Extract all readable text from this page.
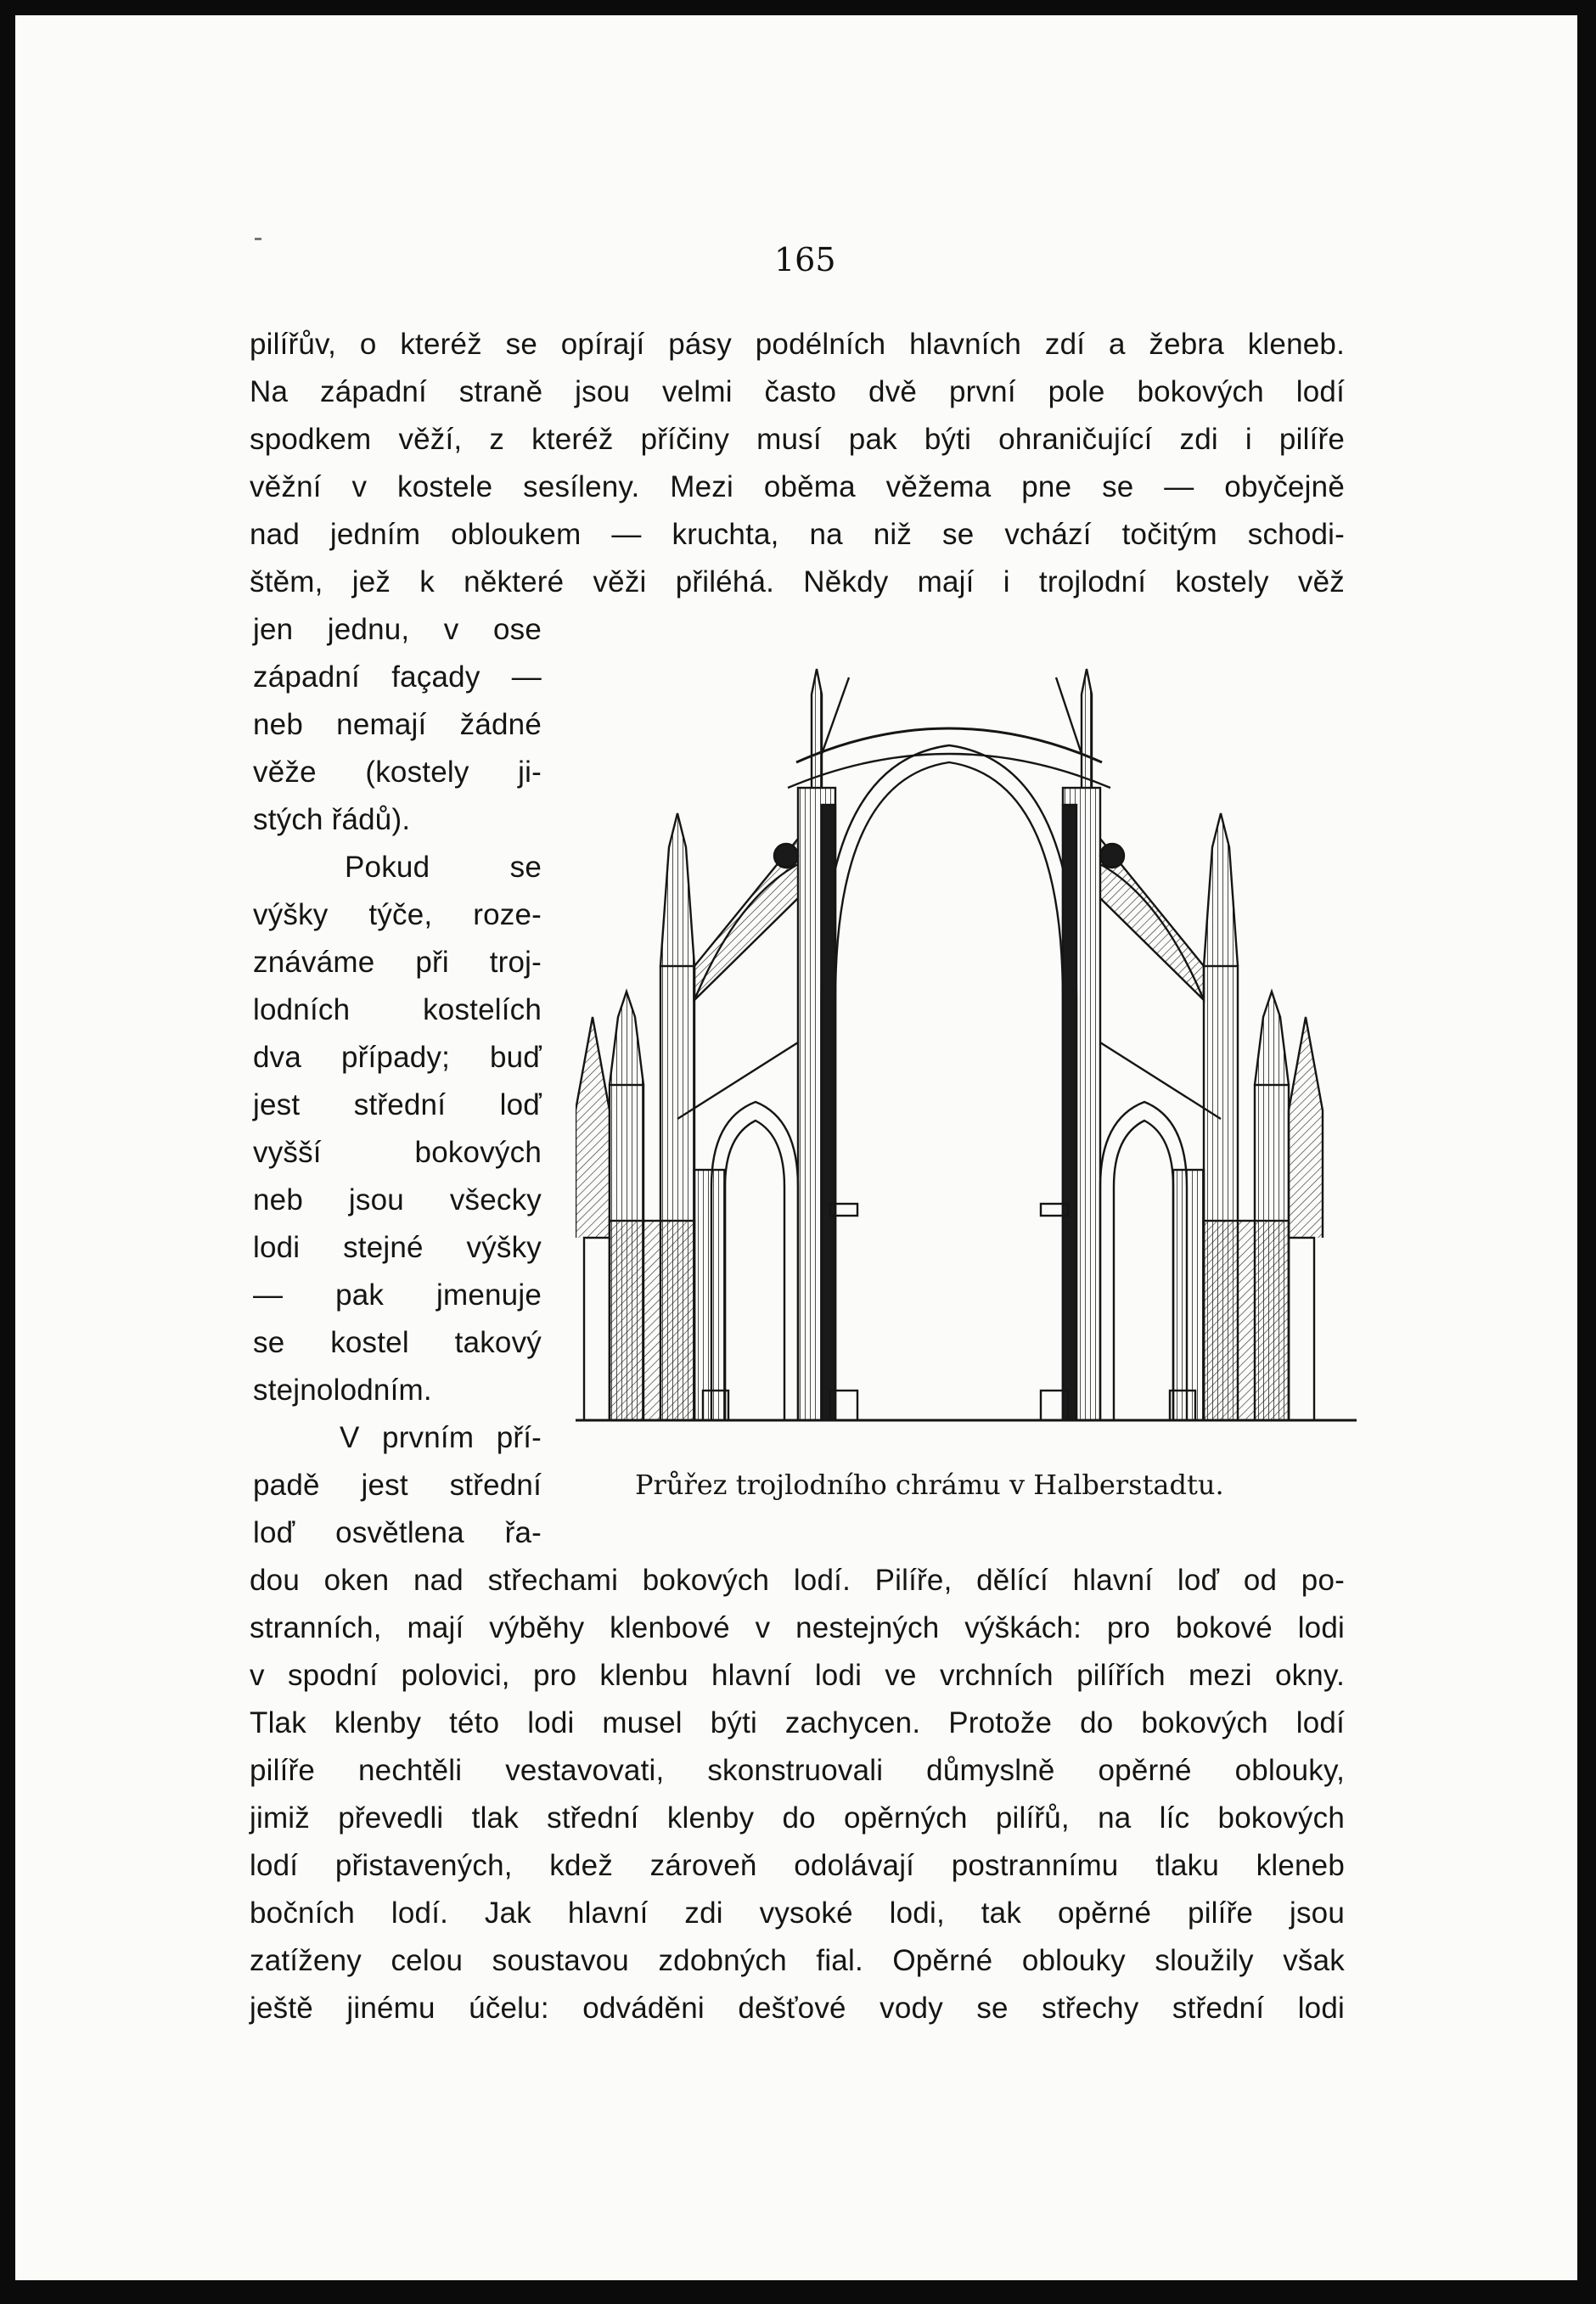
165
pilířův, o kteréž se opírají pásy podélních hlavních zdí a žebra kleneb.
Na západní straně jsou velmi často dvě první pole bokových lodí
spodkem věží, z kteréž příčiny musí pak býti ohraničující zdi i pilíře
věžní v kostele sesíleny. Mezi oběma věžema pne se — obyčejně
nad jedním obloukem — kruchta, na niž se vchází točitým schodi-
štěm, jež k některé věži přiléhá. Někdy mají i trojlodní kostely věž
jen jednu, v ose
západní façady —
neb nemají žádné
věže (kostely ji-
stých řádů).
Pokud se
výšky týče, roze-
znáváme při troj-
lodních kostelích
dva případy; buď
jest střední loď
vyšší bokových
neb jsou všecky
lodi stejné výšky
— pak jmenuje
se kostel takový
stejnolodním.
V prvním pří-
padě jest střední
loď osvětlena řa-
dou oken nad střechami bokových lodí. Pilíře, dělící hlavní loď od po-
stranních, mají výběhy klenbové v nestejných výškách: pro bokové lodi
v spodní polovici, pro klenbu hlavní lodi ve vrchních pilířích mezi okny.
Tlak klenby této lodi musel býti zachycen. Protože do bokových lodí
pilíře nechtěli vestavovati, skonstruovali důmyslně opěrné oblouky,
jimiž převedli tlak střední klenby do opěrných pilířů, na líc bokových
lodí přistavených, kdež zároveň odolávají postrannímu tlaku kleneb
bočních lodí. Jak hlavní zdi vysoké lodi, tak opěrné pilíře jsou
zatíženy celou soustavou zdobných fial. Opěrné oblouky sloužily však
ještě jinému účelu: odváděni dešťové vody se střechy střední lodi
Průřez trojlodního chrámu v Halberstadtu.
